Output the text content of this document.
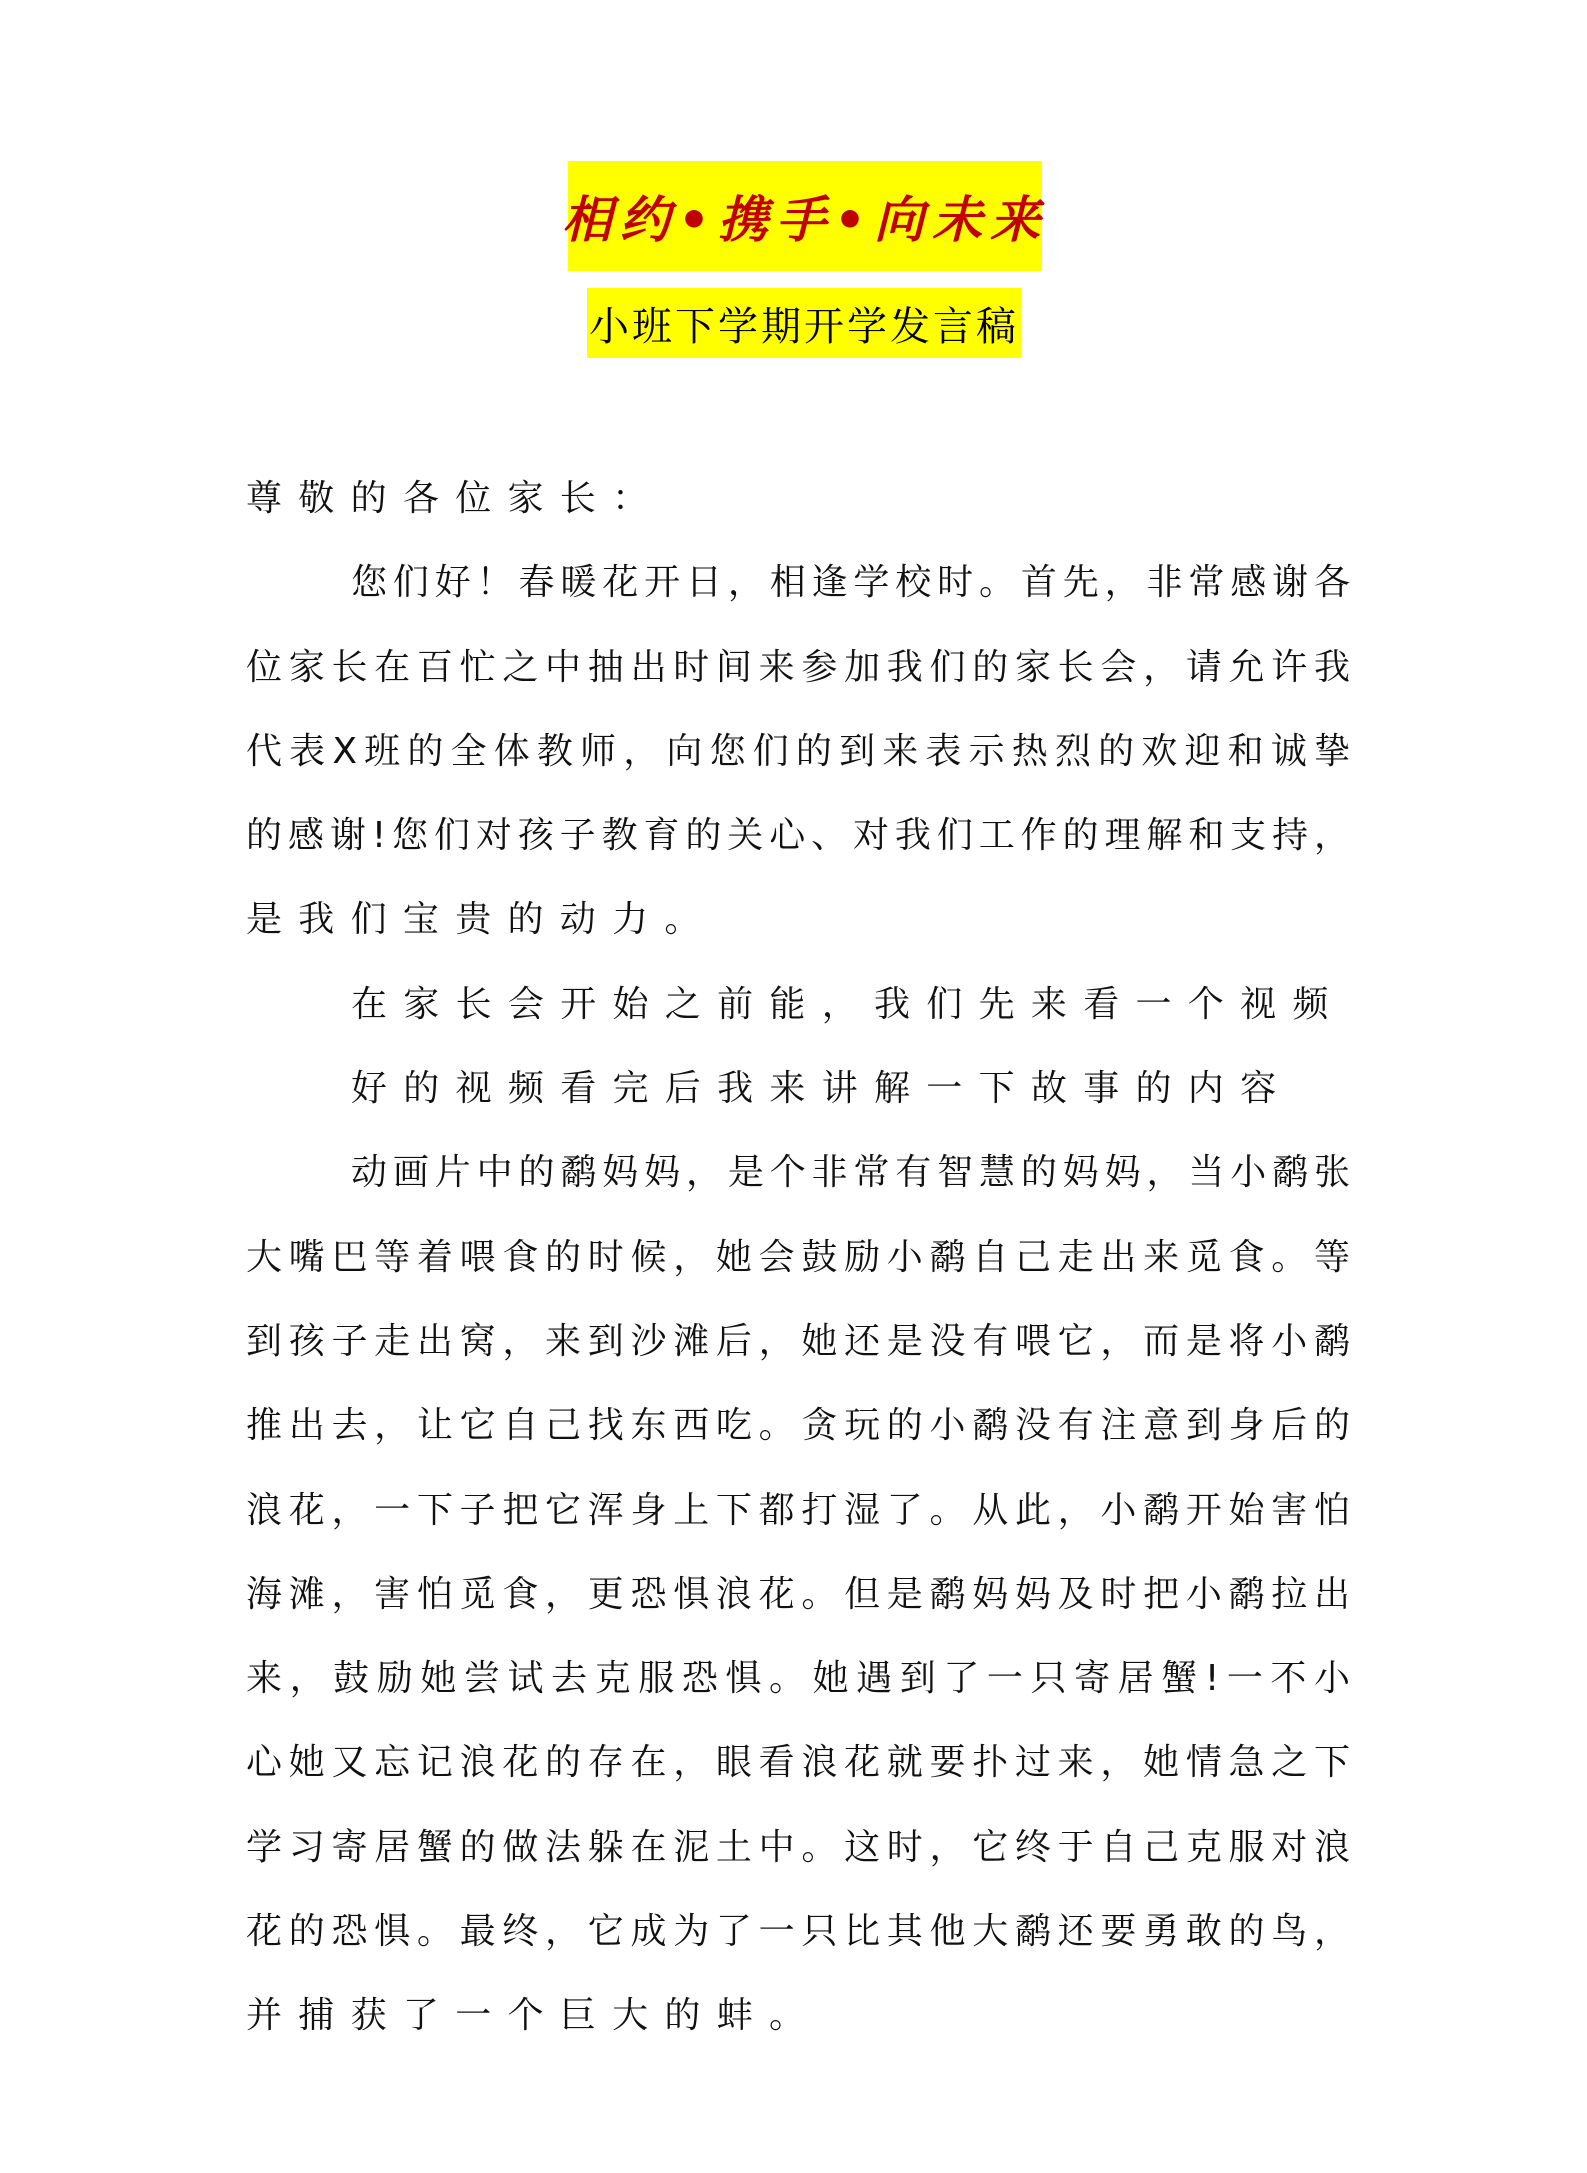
相约•携手•向未来
小班下学期开学发言稿
尊敬的各位家长：
您​们​好​！​春​暖​花​开​日​，​相​逢​学​校​时​。​首​先​，​非​常​感​谢​各
位​家​长​在​百​忙​之​中​抽​出​时​间​来​参​加​我​们​的​家​长​会​，​请​允​许​我
代​表​X​班​的​全​体​教​师​，​向​您​们​的​到​来​表​示​热​烈​的​欢​迎​和​诚​挚
的​感​谢​!​您​们​对​孩​子​教​育​的​关​心​、​对​我​们​工​作​的​理​解​和​支​持​，
是我们宝贵的动力。
在家长会开始之前能，我们先来看一个视频
好的视频看完后我来讲解一下故事的内容
动​画​片​中​的​鹬​妈​妈​，​是​个​非​常​有​智​慧​的​妈​妈​，​当​小​鹬​张
大​嘴​巴​等​着​喂​食​的​时​候​，​她​会​鼓​励​小​鹬​自​己​走​出​来​觅​食​。​等
到​孩​子​走​出​窝​，​来​到​沙​滩​后​，​她​还​是​没​有​喂​它​，​而​是​将​小​鹬
推​出​去​，​让​它​自​己​找​东​西​吃​。​贪​玩​的​小​鹬​没​有​注​意​到​身​后​的
浪​花​，​一​下​子​把​它​浑​身​上​下​都​打​湿​了​。​从​此​，​小​鹬​开​始​害​怕
海​滩​，​害​怕​觅​食​，​更​恐​惧​浪​花​。​但​是​鹬​妈​妈​及​时​把​小​鹬​拉​出
来​，​鼓​励​她​尝​试​去​克​服​恐​惧​。​她​遇​到​了​一​只​寄​居​蟹​!​一​不​小
心​她​又​忘​记​浪​花​的​存​在​，​眼​看​浪​花​就​要​扑​过​来​，​她​情​急​之​下
学​习​寄​居​蟹​的​做​法​躲​在​泥​土​中​。​这​时​，​它​终​于​自​己​克​服​对​浪
花​的​恐​惧​。​最​终​，​它​成​为​了​一​只​比​其​他​大​鹬​还​要​勇​敢​的​鸟​，
并捕获了一个巨大的蚌。
